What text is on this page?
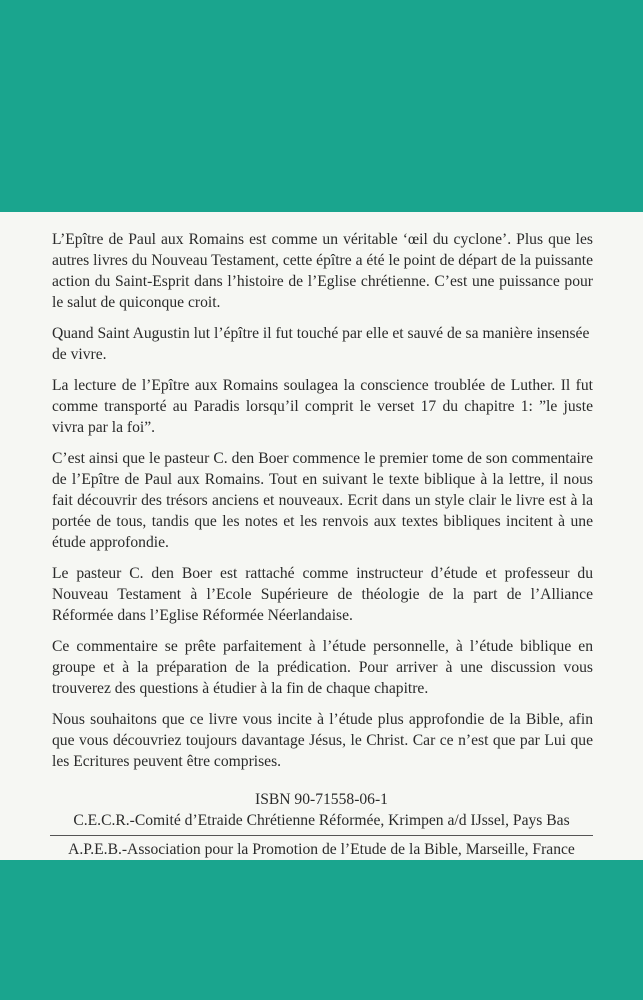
L’Epître de Paul aux Romains est comme un véritable ‘œil du cyclone’. Plus que les autres livres du Nouveau Testament, cette épître a été le point de départ de la puissante action du Saint-Esprit dans l’histoire de l’Eglise chrétienne. C’est une puissance pour le salut de quiconque croit.

Quand Saint Augustin lut l’épître il fut touché par elle et sauvé de sa manière insensée de vivre.

La lecture de l’Epître aux Romains soulagea la conscience troublée de Luther. Il fut comme transporté au Paradis lorsqu’il comprit le verset 17 du chapitre 1: ”le juste vivra par la foi”.

C’est ainsi que le pasteur C. den Boer commence le premier tome de son commentaire de l’Epître de Paul aux Romains. Tout en suivant le texte biblique à la lettre, il nous fait découvrir des trésors anciens et nouveaux. Ecrit dans un style clair le livre est à la portée de tous, tandis que les notes et les renvois aux textes bibliques incitent à une étude approfondie.

Le pasteur C. den Boer est rattaché comme instructeur d’étude et professeur du Nouveau Testament à l’Ecole Supérieure de théologie de la part de l’Alliance Réformée dans l’Eglise Réformée Néerlandaise.

Ce commentaire se prête parfaitement à l’étude personnelle, à l’étude biblique en groupe et à la préparation de la prédication. Pour arriver à une discussion vous trouverez des questions à étudier à la fin de chaque chapitre.

Nous souhaitons que ce livre vous incite à l’étude plus approfondie de la Bible, afin que vous découvriez toujours davantage Jésus, le Christ. Car ce n’est que par Lui que les Ecritures peuvent être comprises.

ISBN 90-71558-06-1
C.E.C.R.-Comité d’Etraide Chrétienne Réformée, Krimpen a/d IJssel, Pays Bas
A.P.E.B.-Association pour la Promotion de l’Etude de la Bible, Marseille, France
